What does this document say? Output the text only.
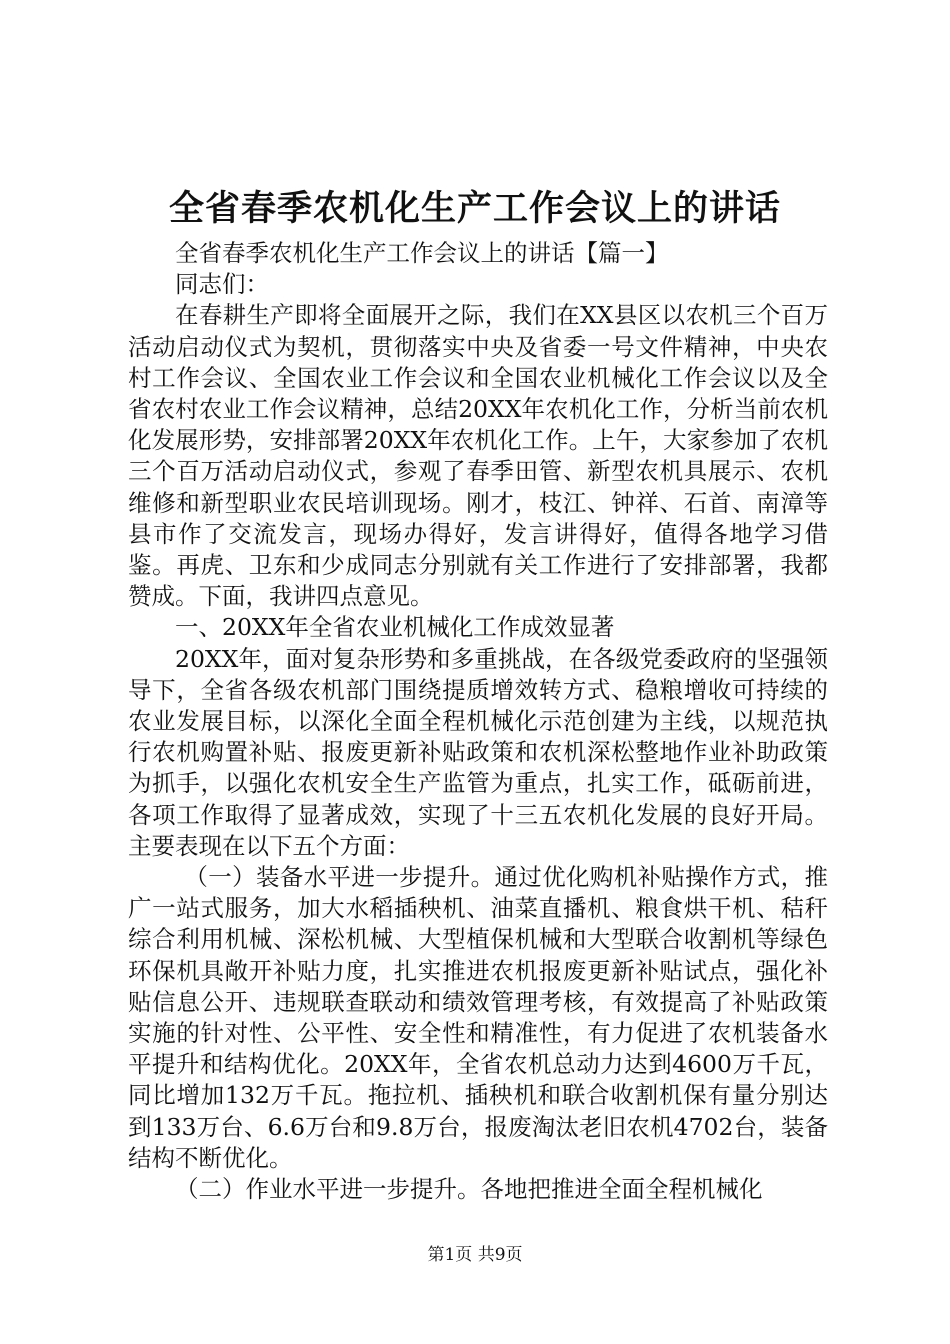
全省春季农机化生产工作会议上的讲话

全省春季农机化生产工作会议上的讲话【篇一】

同志们：

在春耕生产即将全面展开之际，我们在XX县区以农机三个百万活动启动仪式为契机，贯彻落实中央及省委一号文件精神，中央农村工作会议、全国农业工作会议和全国农业机械化工作会议以及全省农村农业工作会议精神，总结20XX年农机化工作，分析当前农机化发展形势，安排部署20XX年农机化工作。上午，大家参加了农机三个百万活动启动仪式，参观了春季田管、新型农机具展示、农机维修和新型职业农民培训现场。刚才，枝江、钟祥、石首、南漳等县市作了交流发言，现场办得好，发言讲得好，值得各地学习借鉴。再虎、卫东和少成同志分别就有关工作进行了安排部署，我都赞成。下面，我讲四点意见。

一、20XX年全省农业机械化工作成效显著

20XX年，面对复杂形势和多重挑战，在各级党委政府的坚强领导下，全省各级农机部门围绕提质增效转方式、稳粮增收可持续的农业发展目标，以深化全面全程机械化示范创建为主线，以规范执行农机购置补贴、报废更新补贴政策和农机深松整地作业补助政策为抓手，以强化农机安全生产监管为重点，扎实工作，砥砺前进，各项工作取得了显著成效，实现了十三五农机化发展的良好开局。主要表现在以下五个方面：

（一）装备水平进一步提升。通过优化购机补贴操作方式，推广一站式服务，加大水稻插秧机、油菜直播机、粮食烘干机、秸秆综合利用机械、深松机械、大型植保机械和大型联合收割机等绿色环保机具敞开补贴力度，扎实推进农机报废更新补贴试点，强化补贴信息公开、违规联查联动和绩效管理考核，有效提高了补贴政策实施的针对性、公平性、安全性和精准性，有力促进了农机装备水平提升和结构优化。20XX年，全省农机总动力达到4600万千瓦，同比增加132万千瓦。拖拉机、插秧机和联合收割机保有量分别达到133万台、6.6万台和9.8万台，报废淘汰老旧农机4702台，装备结构不断优化。

（二）作业水平进一步提升。各地把推进全面全程机械化

第1页 共9页
